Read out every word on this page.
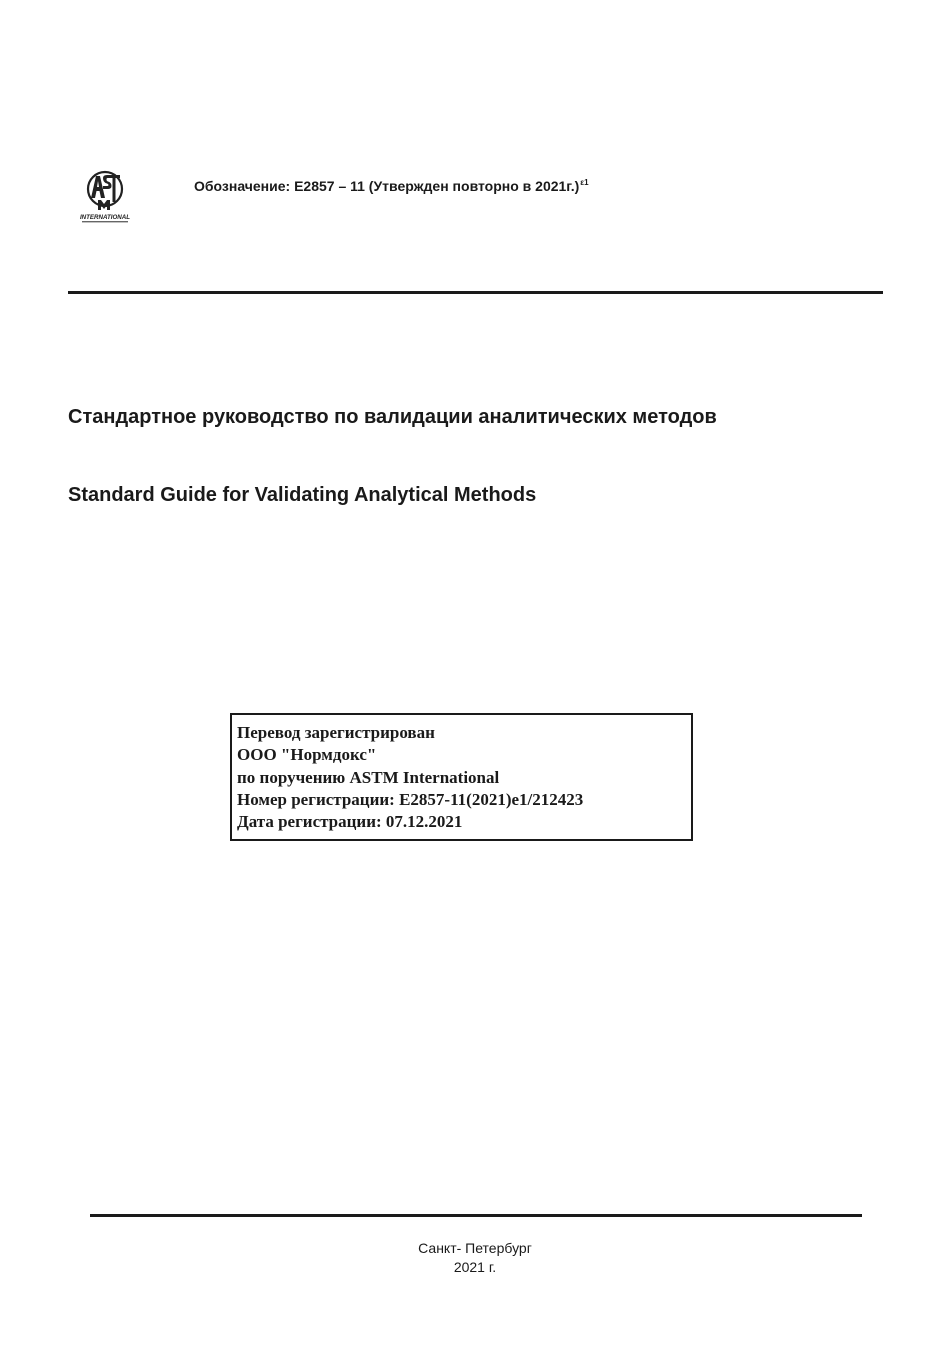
INTERNATIONAL
Обозначение: E2857 – 11 (Утвержден повторно в 2021г.)$^{\varepsilon 1}$
Стандартное руководство по валидации аналитических методов
Standard Guide for Validating Analytical Methods
Перевод зарегистрирован
ООО "Нормдокс"
по поручению ASTM International
Номер регистрации: E2857-11(2021)e1/212423
Дата регистрации: 07.12.2021
Санкт- Петербург
2021 г.
